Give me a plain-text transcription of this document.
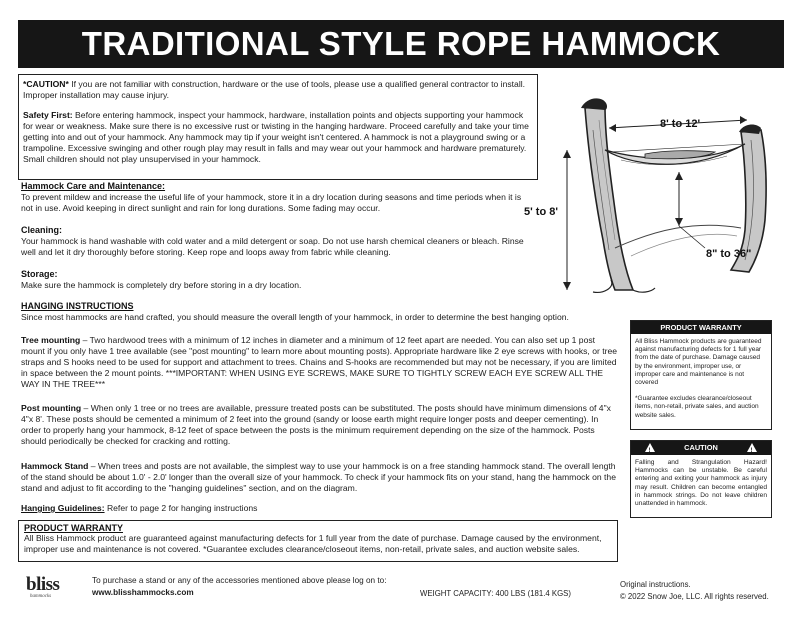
TRADITIONAL STYLE ROPE HAMMOCK
*CAUTION* If you are not familiar with construction, hardware or the use of tools, please use a qualified general contractor to install. Improper installation may cause injury.
Safety First: Before entering hammock, inspect your hammock, hardware, installation points and objects supporting your hammock for wear or weakness. Make sure there is no excessive rust or twisting in the hanging hardware. Proceed carefully and take your time getting into and out of your hammock. Any hammock may tip if your weight isn't centered. A hammock is not a playground swing or a trampoline. Excessive swinging and other rough play may result in falls and may wear out your hammock and hardware prematurely. Small children should not play unsupervised in your hammock.
Hammock Care and Maintenance:
To prevent mildew and increase the useful life of your hammock, store it in a dry location during seasons and time periods when it is not in use. Avoid keeping in direct sunlight and rain for long durations. Some fading may occur.
Cleaning:
Your hammock is hand washable with cold water and a mild detergent or soap. Do not use harsh chemical cleaners or bleach. Rinse well and let it dry thoroughly before storing. Keep rope and loops away from fabric while cleaning.
Storage:
Make sure the hammock is completely dry before storing in a dry location.
HANGING INSTRUCTIONS
Since most hammocks are hand crafted, you should measure the overall length of your hammock, in order to determine the best hanging option.
Tree mounting – Two hardwood trees with a minimum of 12 inches in diameter and a minimum of 12 feet apart are needed. You can also set up 1 post mount if you only have 1 tree available (see "post mounting" to learn more about mounting posts). Appropriate hardware like 2 eye screws with hooks, or tree straps and S hooks need to be used for support and attachment to trees. Chains and S-hooks are recommended but may not be necessary, if you are limited in space between the 2 mount points. ***IMPORTANT: WHEN USING EYE SCREWS, MAKE SURE TO TIGHTLY SCREW EACH EYE SCREW ALL THE WAY IN THE TREE***
Post mounting – When only 1 tree or no trees are available, pressure treated posts can be substituted. The posts should have minimum dimensions of 4"x 4"x 8'. These posts should be cemented a minimum of 2 feet into the ground (sandy or loose earth might require longer posts and deeper cementing). In order to properly hang your hammock, 8-12 feet of space between the posts is the minimum requirement depending on the size of the hammock. Posts should periodically be checked for cracking and rotting.
Hammock Stand – When trees and posts are not available, the simplest way to use your hammock is on a free standing hammock stand. The overall length of the stand should be about 1.0' - 2.0' longer than the overall size of your hammock. To check if your hammock fits on your stand, hang the hammock on the stand and adjust to fit according to the "hanging guidelines" section, and on the diagram.
Hanging Guidelines: Refer to page 2 for hanging instructions
PRODUCT WARRANTY
All Bliss Hammock product are guaranteed against manufacturing defects for 1 full year from the date of purchase. Damage caused by the environment, improper use and maintenance is not covered. *Guarantee excludes clearance/closeout items, non-retail, private sales, and auction website sales.
8' to 12'
5' to 8'
8" to 36"
PRODUCT WARRANTY
All Bliss Hammock products are guaranteed against manufacturing defects for 1 full year from the date of purchase. Damage caused by the environment, improper use, or improper care and maintenance is not covered
*Guarantee excludes clearance/closeout items, non-retail, private sales, and auction website sales.
!
CAUTION
!
Falling and Strangulation Hazard! Hammocks can be unstable. Be careful entering and exiting your hammock as injury may result. Children can become entangled in hammock strings. Do not leave children unattended in hammock.
bliss
hammocks
To purchase a stand or any of the accessories mentioned above please log on to:
www.blisshammocks.com	WEIGHT CAPACITY: 400 LBS (181.4 KGS)
Original instructions.
© 2022 Snow Joe, LLC. All rights reserved.
